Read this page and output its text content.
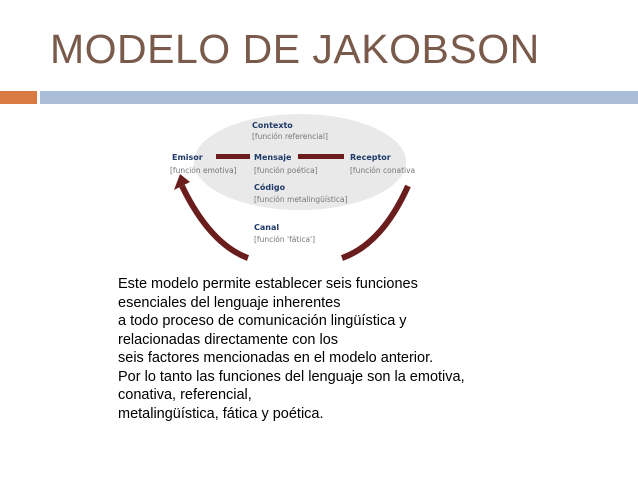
MODELO DE JAKOBSON
Contexto
[función referencial]
Emisor
[función emotiva]
Mensaje
[función poética]
Receptor
[función conativa
Código
[función metalingüística]
Canal
[función 'fática']
Este modelo permite establecer seis funciones
esenciales del lenguaje inherentes
a todo proceso de comunicación lingüística y
relacionadas directamente con los
seis factores mencionadas en el modelo anterior.
Por lo tanto las funciones del lenguaje son la emotiva,
conativa, referencial,
metalingüística, fática y poética.
